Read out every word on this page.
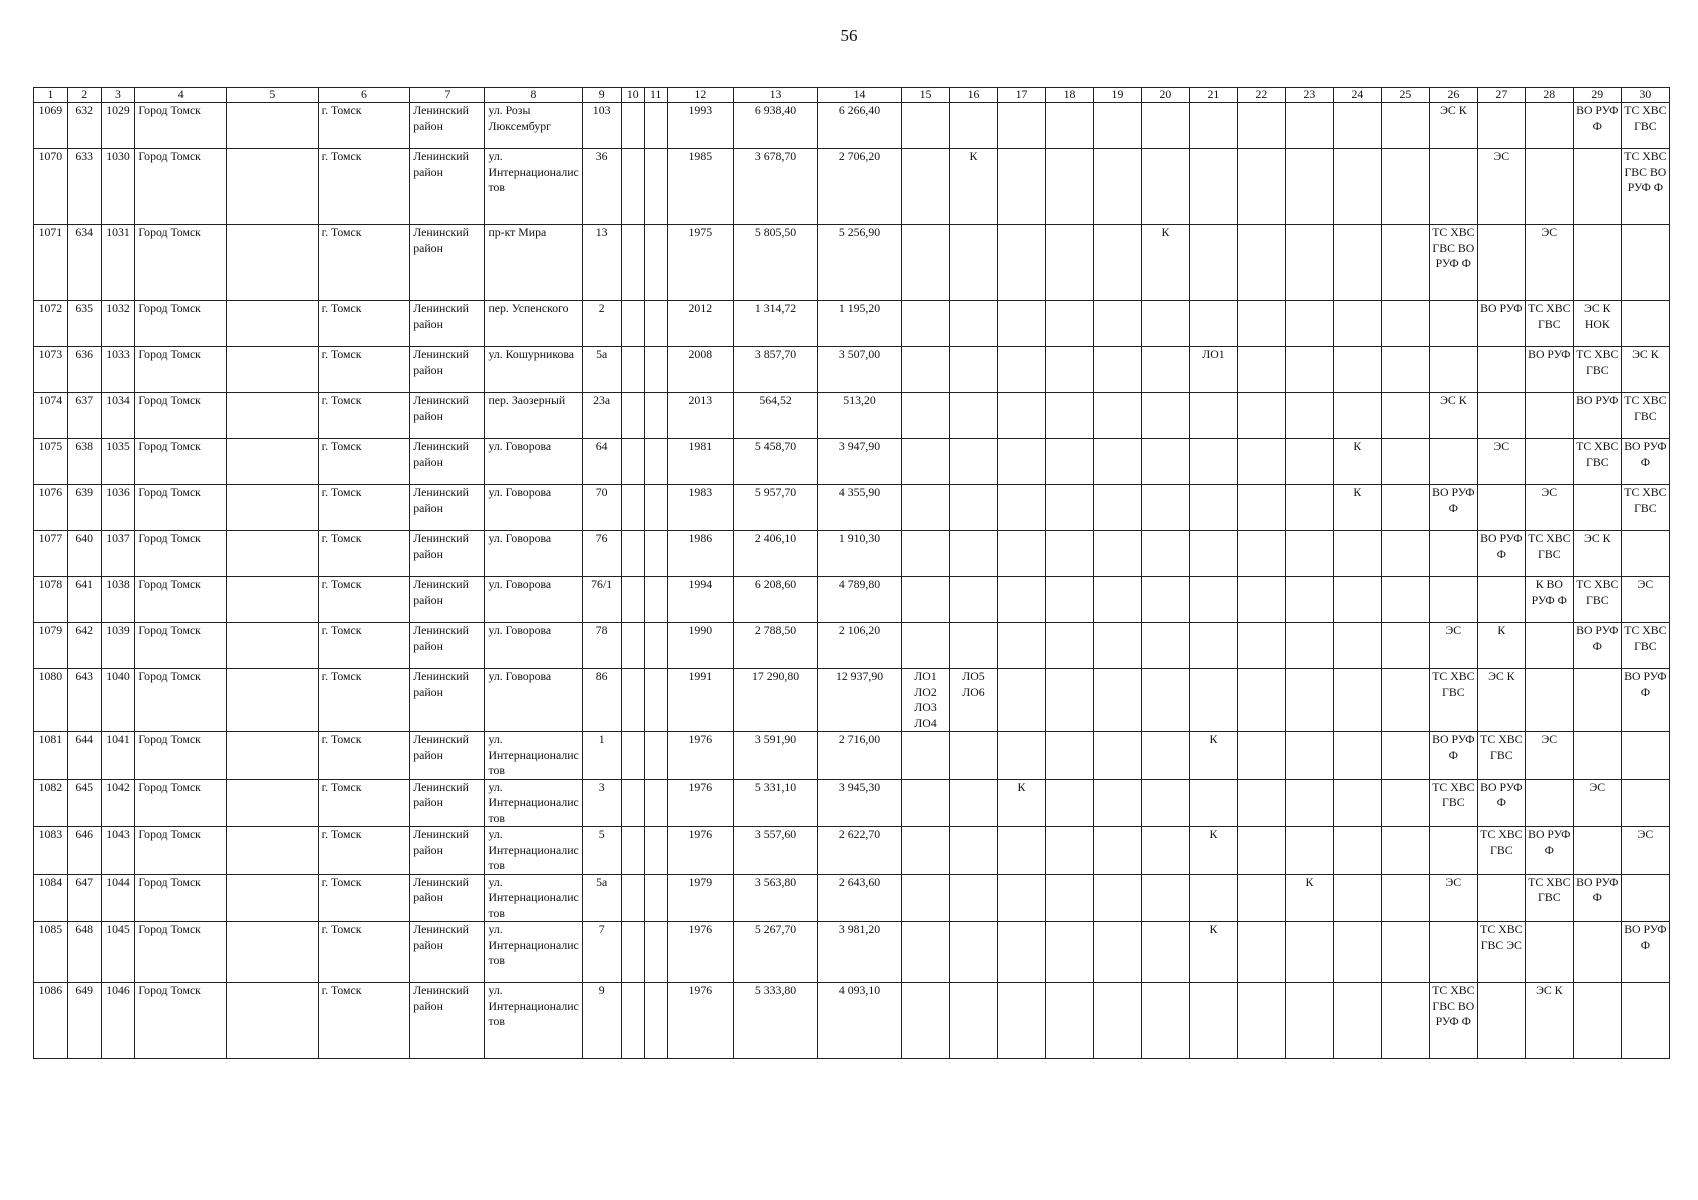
56
1	2	3	4	5	6	7	8	9	10	11	12	13	14	15	16	17	18	19	20	21	22	23	24	25	26	27	28	29	30
1069	632	1029	Город Томск		г. Томск	Ленинский район	ул. Розы Люксембург	103			1993	6 938,40	6 266,40												ЭС К			ВО РУФ Ф	ТС ХВС ГВС
1070	633	1030	Город Томск		г. Томск	Ленинский район	ул. Интернационалистов	36			1985	3 678,70	2 706,20		К											ЭС			ТС ХВС ГВС ВО РУФ Ф
1071	634	1031	Город Томск		г. Томск	Ленинский район	пр-кт Мира	13			1975	5 805,50	5 256,90						К						ТС ХВС ГВС ВО РУФ Ф		ЭС		
1072	635	1032	Город Томск		г. Томск	Ленинский район	пер. Успенского	2			2012	1 314,72	1 195,20													ВО РУФ	ТС ХВС ГВС	ЭС К НОК	
1073	636	1033	Город Томск		г. Томск	Ленинский район	ул. Кошурникова	5а			2008	3 857,70	3 507,00							ЛО1							ВО РУФ	ТС ХВС ГВС	ЭС К
1074	637	1034	Город Томск		г. Томск	Ленинский район	пер. Заозерный	23а			2013	564,52	513,20												ЭС К			ВО РУФ	ТС ХВС ГВС
1075	638	1035	Город Томск		г. Томск	Ленинский район	ул. Говорова	64			1981	5 458,70	3 947,90										К			ЭС		ТС ХВС ГВС	ВО РУФ Ф
1076	639	1036	Город Томск		г. Томск	Ленинский район	ул. Говорова	70			1983	5 957,70	4 355,90										К		ВО РУФ Ф		ЭС		ТС ХВС ГВС
1077	640	1037	Город Томск		г. Томск	Ленинский район	ул. Говорова	76			1986	2 406,10	1 910,30													ВО РУФ Ф	ТС ХВС ГВС	ЭС К	
1078	641	1038	Город Томск		г. Томск	Ленинский район	ул. Говорова	76/1			1994	6 208,60	4 789,80														К ВО РУФ Ф	ТС ХВС ГВС	ЭС
1079	642	1039	Город Томск		г. Томск	Ленинский район	ул. Говорова	78			1990	2 788,50	2 106,20												ЭС	К		ВО РУФ Ф	ТС ХВС ГВС
1080	643	1040	Город Томск		г. Томск	Ленинский район	ул. Говорова	86			1991	17 290,80	12 937,90	ЛО1 ЛО2 ЛО3 ЛО4	ЛО5 ЛО6										ТС ХВС ГВС	ЭС К			ВО РУФ Ф
1081	644	1041	Город Томск		г. Томск	Ленинский район	ул. Интернационалистов	1			1976	3 591,90	2 716,00							К					ВО РУФ Ф	ТС ХВС ГВС	ЭС		
1082	645	1042	Город Томск		г. Томск	Ленинский район	ул. Интернационалистов	3			1976	5 331,10	3 945,30			К									ТС ХВС ГВС	ВО РУФ Ф		ЭС	
1083	646	1043	Город Томск		г. Томск	Ленинский район	ул. Интернационалистов	5			1976	3 557,60	2 622,70							К						ТС ХВС ГВС	ВО РУФ Ф		ЭС
1084	647	1044	Город Томск		г. Томск	Ленинский район	ул. Интернационалистов	5а			1979	3 563,80	2 643,60									К			ЭС		ТС ХВС ГВС	ВО РУФ Ф	
1085	648	1045	Город Томск		г. Томск	Ленинский район	ул. Интернационалистов	7			1976	5 267,70	3 981,20							К						ТС ХВС ГВС ЭС			ВО РУФ Ф
1086	649	1046	Город Томск		г. Томск	Ленинский район	ул. Интернационалистов	9			1976	5 333,80	4 093,10												ТС ХВС ГВС ВО РУФ Ф		ЭС К		
